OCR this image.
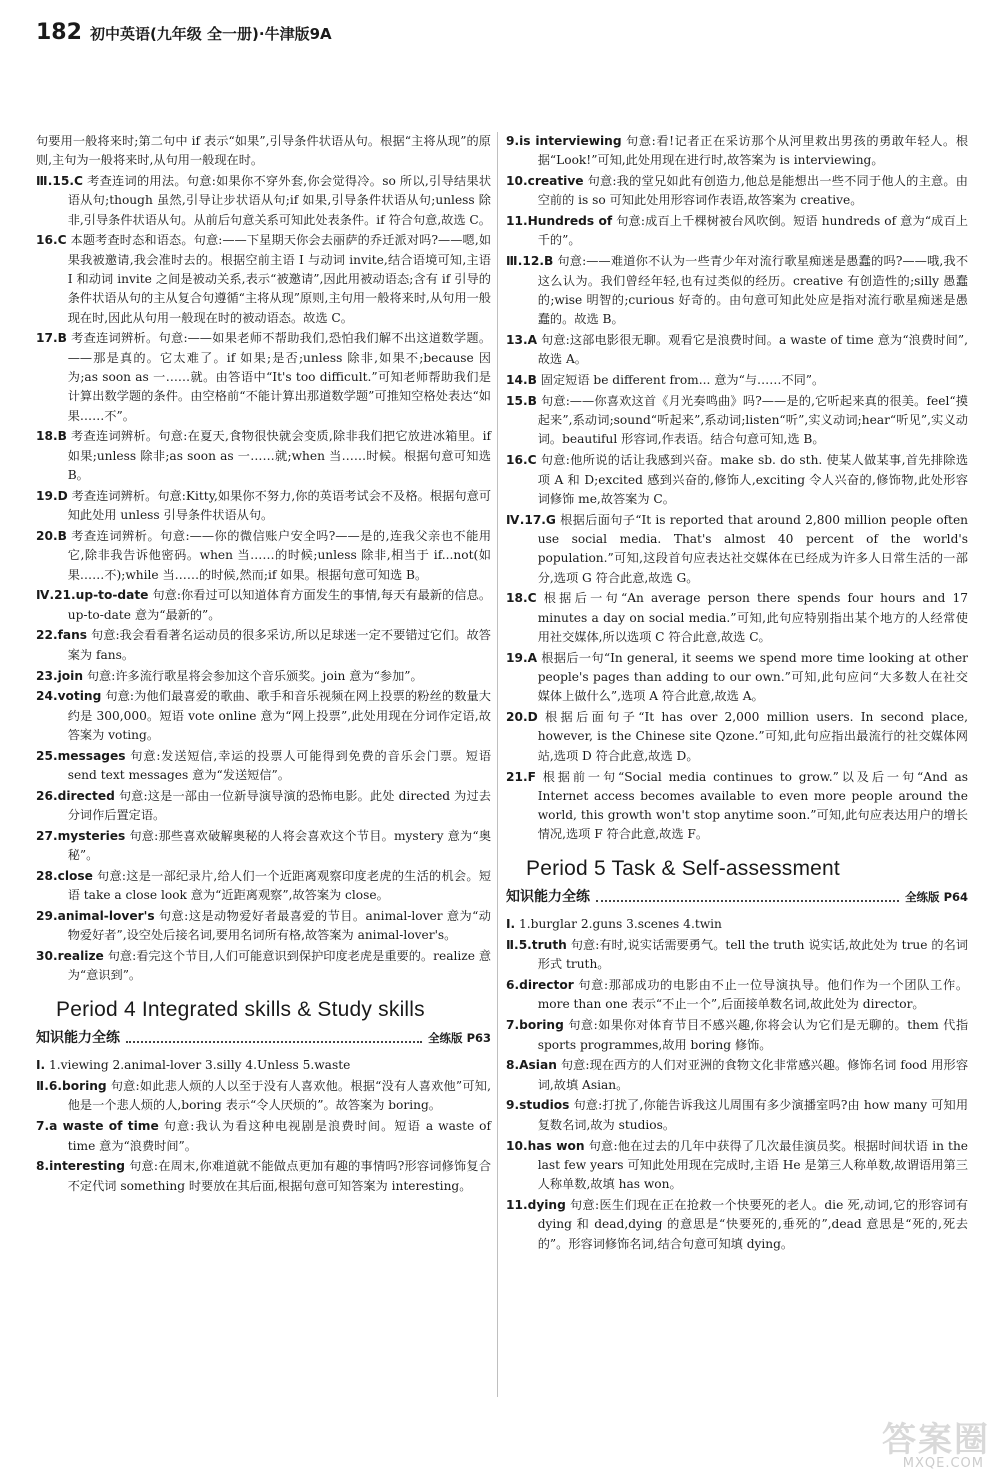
182 初中英语(九年级 全一册)·牛津版9A
句要用一般将来时;第二句中 if 表示“如果”,引导条件状语从句。根据“主将从现”的原则,主句为一般将来时,从句用一般现在时。
Ⅲ.15.C 考查连词的用法。句意:如果你不穿外套,你会觉得冷。so 所以,引导结果状语从句;though 虽然,引导让步状语从句;if 如果,引导条件状语从句;unless 除非,引导条件状语从句。从前后句意关系可知此处表条件。if 符合句意,故选 C。
16.C 本题考查时态和语态。句意:——下星期天你会去丽萨的乔迁派对吗?——嗯,如果我被邀请,我会准时去的。根据空前主语 I 与动词 invite,结合语境可知,主语 I 和动词 invite 之间是被动关系,表示“被邀请”,因此用被动语态;含有 if 引导的条件状语从句的主从复合句遵循“主将从现”原则,主句用一般将来时,从句用一般现在时,因此从句用一般现在时的被动语态。故选 C。
17.B 考查连词辨析。句意:——如果老师不帮助我们,恐怕我们解不出这道数学题。——那是真的。它太难了。if 如果;是否;unless 除非,如果不;because 因为;as soon as 一……就。由答语中“It's too difficult.”可知老师帮助我们是计算出数学题的条件。由空格前“不能计算出那道数学题”可推知空格处表达“如果……不”。
18.B 考查连词辨析。句意:在夏天,食物很快就会变质,除非我们把它放进冰箱里。if 如果;unless 除非;as soon as 一……就;when 当……时候。根据句意可知选 B。
19.D 考查连词辨析。句意:Kitty,如果你不努力,你的英语考试会不及格。根据句意可知此处用 unless 引导条件状语从句。
20.B 考查连词辨析。句意:——你的微信账户安全吗?——是的,连我父亲也不能用它,除非我告诉他密码。when 当……的时候;unless 除非,相当于 if...not(如果……不);while 当……的时候,然而;if 如果。根据句意可知选 B。
Ⅳ.21.up-to-date 句意:你看过可以知道体育方面发生的事情,每天有最新的信息。up-to-date 意为“最新的”。
22.fans 句意:我会看看著名运动员的很多采访,所以足球迷一定不要错过它们。故答案为 fans。
23.join 句意:许多流行歌星将会参加这个音乐颁奖。join 意为“参加”。
24.voting 句意:为他们最喜爱的歌曲、歌手和音乐视频在网上投票的粉丝的数量大约是 300,000。短语 vote online 意为“网上投票”,此处用现在分词作定语,故答案为 voting。
25.messages 句意:发送短信,幸运的投票人可能得到免费的音乐会门票。短语 send text messages 意为“发送短信”。
26.directed 句意:这是一部由一位新导演导演的恐怖电影。此处 directed 为过去分词作后置定语。
27.mysteries 句意:那些喜欢破解奥秘的人将会喜欢这个节目。mystery 意为“奥秘”。
28.close 句意:这是一部纪录片,给人们一个近距离观察印度老虎的生活的机会。短语 take a close look 意为“近距离观察”,故答案为 close。
29.animal-lover's 句意:这是动物爱好者最喜爱的节目。animal-lover 意为“动物爱好者”,设空处后接名词,要用名词所有格,故答案为 animal-lover's。
30.realize 句意:看完这个节目,人们可能意识到保护印度老虎是重要的。realize 意为“意识到”。
Period 4 Integrated skills & Study skills
知识能力全练	全练版 P63
Ⅰ. 1.viewing 2.animal-lover 3.silly 4.Unless 5.waste
Ⅱ.6.boring 句意:如此悲人烦的人以至于没有人喜欢他。根据“没有人喜欢他”可知,他是一个悲人烦的人,boring 表示“令人厌烦的”。故答案为 boring。
7.a waste of time 句意:我认为看这种电视剧是浪费时间。短语 a waste of time 意为“浪费时间”。
8.interesting 句意:在周末,你难道就不能做点更加有趣的事情吗?形容词修饰复合不定代词 something 时要放在其后面,根据句意可知答案为 interesting。
9.is interviewing 句意:看!记者正在采访那个从河里救出男孩的勇敢年轻人。根据“Look!”可知,此处用现在进行时,故答案为 is interviewing。
10.creative 句意:我的堂兄如此有创造力,他总是能想出一些不同于他人的主意。由空前的 is so 可知此处用形容词作表语,故答案为 creative。
11.Hundreds of 句意:成百上千棵树被台风吹倒。短语 hundreds of 意为“成百上千的”。
Ⅲ.12.B 句意:——难道你不认为一些青少年对流行歌星痴迷是愚蠢的吗?——哦,我不这么认为。我们曾经年轻,也有过类似的经历。creative 有创造性的;silly 愚蠢的;wise 明智的;curious 好奇的。由句意可知此处应是指对流行歌星痴迷是愚蠢的。故选 B。
13.A 句意:这部电影很无聊。观看它是浪费时间。a waste of time 意为“浪费时间”,故选 A。
14.B 固定短语 be different from... 意为“与……不同”。
15.B 句意:——你喜欢这首《月光奏鸣曲》吗?——是的,它听起来真的很美。feel“摸起来”,系动词;sound“听起来”,系动词;listen“听”,实义动词;hear“听见”,实义动词。beautiful 形容词,作表语。结合句意可知,选 B。
16.C 句意:他所说的话让我感到兴奋。make sb. do sth. 使某人做某事,首先排除选项 A 和 D;excited 感到兴奋的,修饰人,exciting 令人兴奋的,修饰物,此处形容词修饰 me,故答案为 C。
Ⅳ.17.G 根据后面句子“It is reported that around 2,800 million people often use social media. That's almost 40 percent of the world's population.”可知,这段首句应表达社交媒体在已经成为许多人日常生活的一部分,选项 G 符合此意,故选 G。
18.C 根据后一句“An average person there spends four hours and 17 minutes a day on social media.”可知,此句应特别指出某个地方的人经常使用社交媒体,所以选项 C 符合此意,故选 C。
19.A 根据后一句“In general, it seems we spend more time looking at other people's pages than adding to our own.”可知,此句应问“大多数人在社交媒体上做什么”,选项 A 符合此意,故选 A。
20.D 根据后面句子“It has over 2,000 million users. In second place, however, is the Chinese site Qzone.”可知,此句应指出最流行的社交媒体网站,选项 D 符合此意,故选 D。
21.F 根据前一句“Social media continues to grow.”以及后一句“And as Internet access becomes available to even more people around the world, this growth won't stop anytime soon.”可知,此句应表达用户的增长情况,选项 F 符合此意,故选 F。
Period 5 Task & Self-assessment
知识能力全练	全练版 P64
Ⅰ. 1.burglar 2.guns 3.scenes 4.twin
Ⅱ.5.truth 句意:有时,说实话需要勇气。tell the truth 说实话,故此处为 true 的名词形式 truth。
6.director 句意:那部成功的电影由不止一位导演执导。他们作为一个团队工作。more than one 表示“不止一个”,后面接单数名词,故此处为 director。
7.boring 句意:如果你对体育节目不感兴趣,你将会认为它们是无聊的。them 代指 sports programmes,故用 boring 修饰。
8.Asian 句意:现在西方的人们对亚洲的食物文化非常感兴趣。修饰名词 food 用形容词,故填 Asian。
9.studios 句意:打扰了,你能告诉我这儿周围有多少演播室吗?由 how many 可知用复数名词,故为 studios。
10.has won 句意:他在过去的几年中获得了几次最佳演员奖。根据时间状语 in the last few years 可知此处用现在完成时,主语 He 是第三人称单数,故谓语用第三人称单数,故填 has won。
11.dying 句意:医生们现在正在抢救一个快要死的老人。die 死,动词,它的形容词有 dying 和 dead,dying 的意思是“快要死的,垂死的”,dead 意思是“死的,死去的”。形容词修饰名词,结合句意可知填 dying。
答案圈
MXQE.COM
